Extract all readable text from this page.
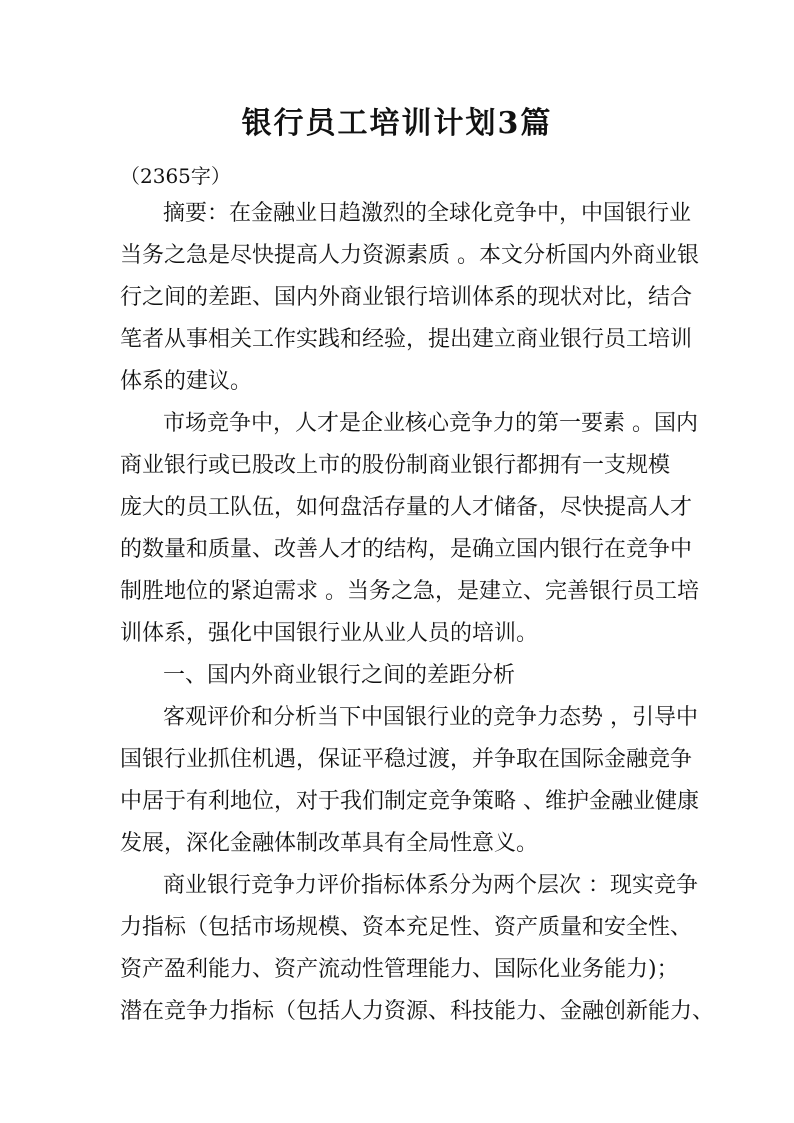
银行员工培训计划3篇

（2365字）

摘要：在金融业日趋激烈的全球化竞争中，中国银行业

当务之急是尽快提高人力资源素质 。本文分析国内外商业银

行之间的差距、国内外商业银行培训体系的现状对比，结合

笔者从事相关工作实践和经验，提出建立商业银行员工培训

体系的建议。

市场竞争中，人才是企业核心竞争力的第一要素 。国内

商业银行或已股改上市的股份制商业银行都拥有一支规模

庞大的员工队伍，如何盘活存量的人才储备，尽快提高人才

的数量和质量、改善人才的结构，是确立国内银行在竞争中

制胜地位的紧迫需求 。当务之急，是建立、完善银行员工培

训体系，强化中国银行业从业人员的培训。

一、国内外商业银行之间的差距分析

客观评价和分析当下中国银行业的竞争力态势 ，引导中

国银行业抓住机遇，保证平稳过渡，并争取在国际金融竞争

中居于有利地位，对于我们制定竞争策略 、维护金融业健康

发展，深化金融体制改革具有全局性意义。

商业银行竞争力评价指标体系分为两个层次 ：现实竞争

力指标（包括市场规模、资本充足性、资产质量和安全性、

资产盈利能力、资产流动性管理能力、国际化业务能力)；

潜在竞争力指标（包括人力资源、科技能力、金融创新能力、
